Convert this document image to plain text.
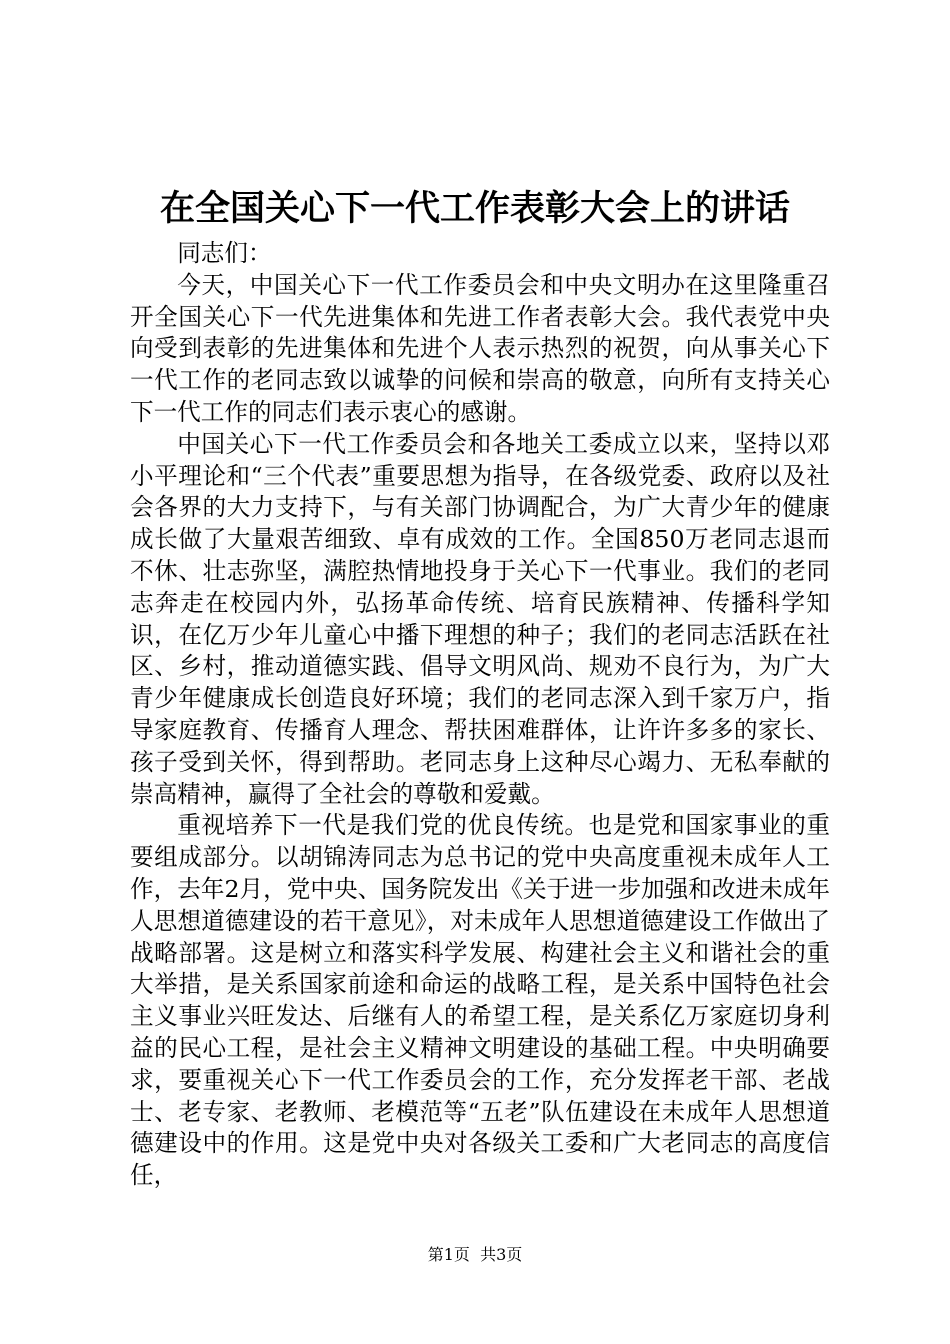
在全国关心下一代工作表彰大会上的讲话

同志们：

今天，中国关心下一代工作委员会和中央文明办在这里隆重召开全国关心下一代先进集体和先进工作者表彰大会。我代表党中央向受到表彰的先进集体和先进个人表示热烈的祝贺，向从事关心下一代工作的老同志致以诚挚的问候和崇高的敬意，向所有支持关心下一代工作的同志们表示衷心的感谢。

中国关心下一代工作委员会和各地关工委成立以来，坚持以邓小平理论和“三个代表”重要思想为指导，在各级党委、政府以及社会各界的大力支持下，与有关部门协调配合，为广大青少年的健康成长做了大量艰苦细致、卓有成效的工作。全国850万老同志退而不休、壮志弥坚，满腔热情地投身于关心下一代事业。我们的老同志奔走在校园内外，弘扬革命传统、培育民族精神、传播科学知识，在亿万少年儿童心中播下理想的种子；我们的老同志活跃在社区、乡村，推动道德实践、倡导文明风尚、规劝不良行为，为广大青少年健康成长创造良好环境；我们的老同志深入到千家万户，指导家庭教育、传播育人理念、帮扶困难群体，让许许多多的家长、孩子受到关怀，得到帮助。老同志身上这种尽心竭力、无私奉献的崇高精神，赢得了全社会的尊敬和爱戴。

重视培养下一代是我们党的优良传统。也是党和国家事业的重要组成部分。以胡锦涛同志为总书记的党中央高度重视未成年人工作，去年2月，党中央、国务院发出《关于进一步加强和改进未成年人思想道德建设的若干意见》，对未成年人思想道德建设工作做出了战略部署。这是树立和落实科学发展、构建社会主义和谐社会的重大举措，是关系国家前途和命运的战略工程，是关系中国特色社会主义事业兴旺发达、后继有人的希望工程，是关系亿万家庭切身利益的民心工程，是社会主义精神文明建设的基础工程。中央明确要求，要重视关心下一代工作委员会的工作，充分发挥老干部、老战士、老专家、老教师、老模范等“五老”队伍建设在未成年人思想道德建设中的作用。这是党中央对各级关工委和广大老同志的高度信任，

第1页  共3页
